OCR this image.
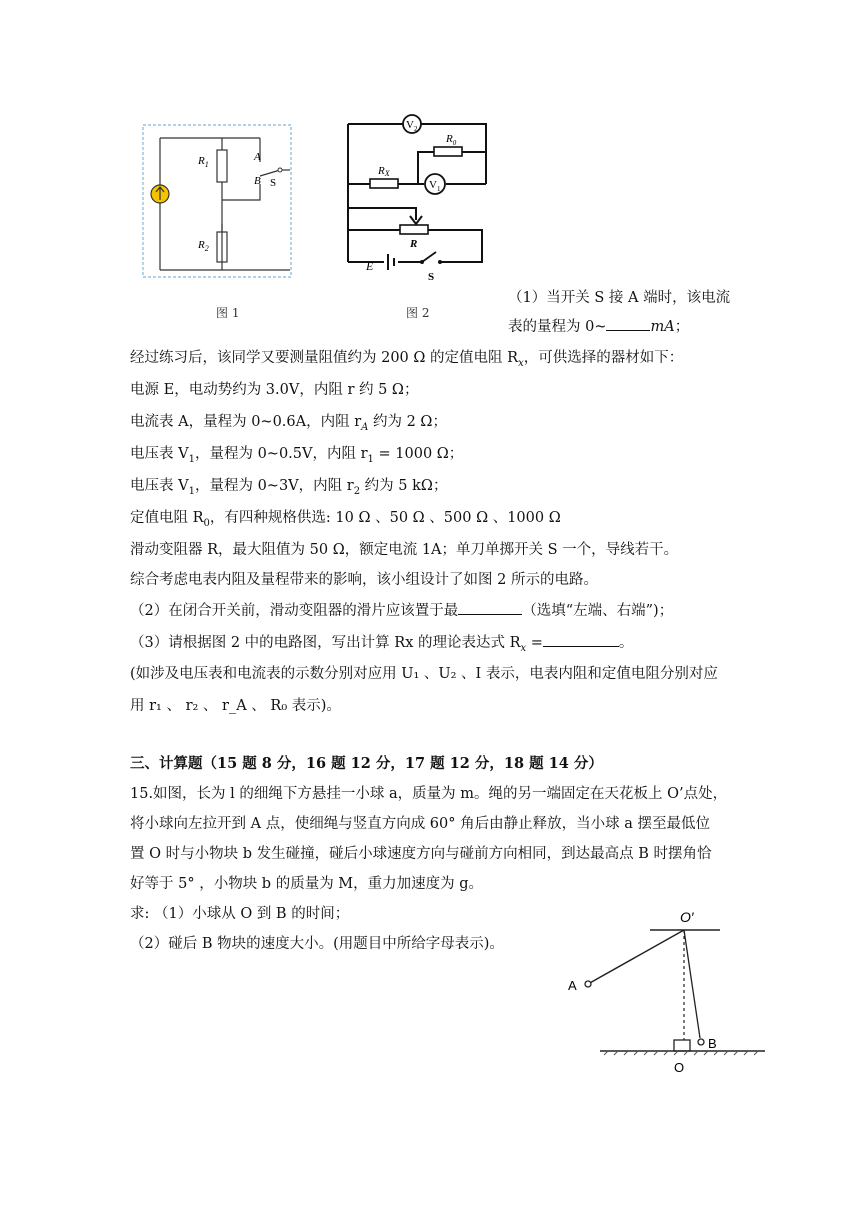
$R_1$
$R_2$
A
B S
图 1
$V_2$
$R_0$
RX
$V_1$
R
E
S
图 2
（1）当开关 S 接 A 端时，该电流
表的量程为 0~	mA；
经过练习后，该同学又要测量阻值约为 200 Ω 的定值电阻 $R_x$，可供选择的器材如下：
电源 E，电动势约为 3.0V，内阻 r 约 5 Ω；
电流表 A，量程为 0~0.6A，内阻 $r_A$ 约为 2 Ω；
电压表 $V_1$，量程为 0~0.5V，内阻 $r_1 = 1000$ Ω；
电压表 $V_1$，量程为 0~3V，内阻 $r_2$ 约为 5 kΩ；
定值电阻 $R_0$，有四种规格供选: 10 Ω 、50 Ω 、500 Ω 、1000 Ω
滑动变阻器 R，最大阻值为 50 Ω，额定电流 1A；单刀单掷开关 S 一个，导线若干。
综合考虑电表内阻及量程带来的影响，该小组设计了如图 2 所示的电路。
（2）在闭合开关前，滑动变阻器的滑片应该置于最	（选填“左端、右端”)；
（3）请根据图 2 中的电路图，写出计算 Rx 的理论表达式 $R_x$ =	。
(如涉及电压表和电流表的示数分别对应用 U₁ 、U₂ 、I 表示，电表内阻和定值电阻分别对应
用 r₁ 、 r₂ 、 r_A 、 R₀ 表示)。
三、计算题（15 题 8 分，16 题 12 分，17 题 12 分，18 题 14 分）
15.如图，长为 l 的细绳下方悬挂一小球 a，质量为 m。绳的另一端固定在天花板上 O’点处，
将小球向左拉开到 A 点，使细绳与竖直方向成 60° 角后由静止释放，当小球 a 摆至最低位
置 O 时与小物块 b 发生碰撞，碰后小球速度方向与碰前方向相同，到达最高点 B 时摆角恰
好等于 5° ，小物块 b 的质量为 M，重力加速度为 g。
求: （1）小球从 O 到 B 的时间；
（2）碰后 B 物块的速度大小。(用题目中所给字母表示)。
O′
A
B
O
